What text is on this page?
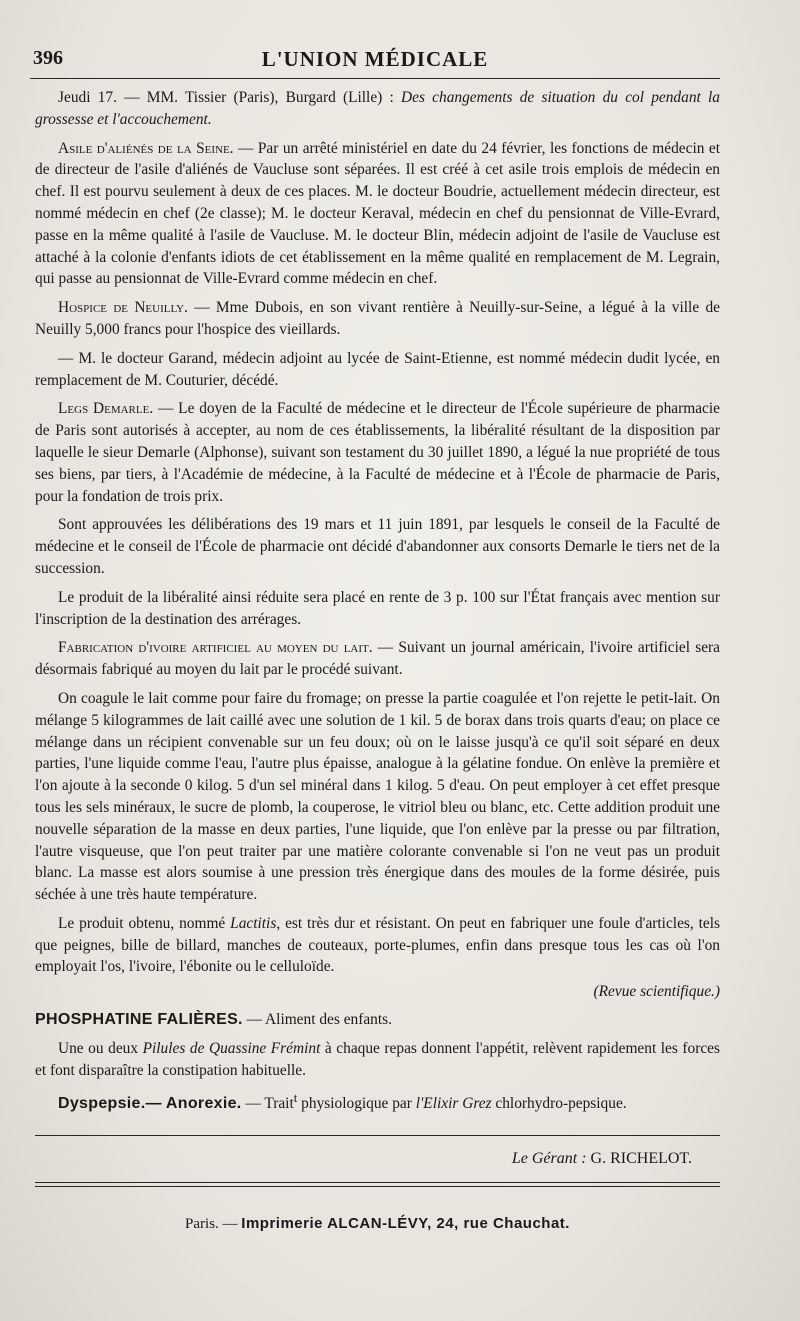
396	L'UNION MÉDICALE

Jeudi 17. — MM. Tissier (Paris), Burgard (Lille) : Des changements de situation du col pendant la grossesse et l'accouchement.

Asile d'aliénés de la Seine. — Par un arrêté ministériel en date du 24 février, les fonctions de médecin et de directeur de l'asile d'aliénés de Vaucluse sont séparées. Il est créé à cet asile trois emplois de médecin en chef. Il est pourvu seulement à deux de ces places. M. le docteur Boudrie, actuellement médecin directeur, est nommé médecin en chef (2e classe); M. le docteur Keraval, médecin en chef du pensionnat de Ville-Evrard, passe en la même qualité à l'asile de Vaucluse. M. le docteur Blin, médecin adjoint de l'asile de Vaucluse est attaché à la colonie d'enfants idiots de cet établissement en la même qualité en remplacement de M. Legrain, qui passe au pensionnat de Ville-Evrard comme médecin en chef.

Hospice de Neuilly. — Mme Dubois, en son vivant rentière à Neuilly-sur-Seine, a légué à la ville de Neuilly 5,000 francs pour l'hospice des vieillards.

— M. le docteur Garand, médecin adjoint au lycée de Saint-Etienne, est nommé médecin dudit lycée, en remplacement de M. Couturier, décédé.

Legs Demarle. — Le doyen de la Faculté de médecine et le directeur de l'École supérieure de pharmacie de Paris sont autorisés à accepter, au nom de ces établissements, la libéralité résultant de la disposition par laquelle le sieur Demarle (Alphonse), suivant son testament du 30 juillet 1890, a légué la nue propriété de tous ses biens, par tiers, à l'Académie de médecine, à la Faculté de médecine et à l'École de pharmacie de Paris, pour la fondation de trois prix.

Sont approuvées les délibérations des 19 mars et 11 juin 1891, par lesquels le conseil de la Faculté de médecine et le conseil de l'École de pharmacie ont décidé d'abandonner aux consorts Demarle le tiers net de la succession.

Le produit de la libéralité ainsi réduite sera placé en rente de 3 p. 100 sur l'État français avec mention sur l'inscription de la destination des arrérages.

Fabrication d'ivoire artificiel au moyen du lait. — Suivant un journal américain, l'ivoire artificiel sera désormais fabriqué au moyen du lait par le procédé suivant.

On coagule le lait comme pour faire du fromage; on presse la partie coagulée et l'on rejette le petit-lait. On mélange 5 kilogrammes de lait caillé avec une solution de 1 kil. 5 de borax dans trois quarts d'eau; on place ce mélange dans un récipient convenable sur un feu doux; où on le laisse jusqu'à ce qu'il soit séparé en deux parties, l'une liquide comme l'eau, l'autre plus épaisse, analogue à la gélatine fondue. On enlève la première et l'on ajoute à la seconde 0 kilog. 5 d'un sel minéral dans 1 kilog. 5 d'eau. On peut employer à cet effet presque tous les sels minéraux, le sucre de plomb, la couperose, le vitriol bleu ou blanc, etc. Cette addition produit une nouvelle séparation de la masse en deux parties, l'une liquide, que l'on enlève par la presse ou par filtration, l'autre visqueuse, que l'on peut traiter par une matière colorante convenable si l'on ne veut pas un produit blanc. La masse est alors soumise à une pression très énergique dans des moules de la forme désirée, puis séchée à une très haute température.

Le produit obtenu, nommé Lactitis, est très dur et résistant. On peut en fabriquer une foule d'articles, tels que peignes, bille de billard, manches de couteaux, porte-plumes, enfin dans presque tous les cas où l'on employait l'os, l'ivoire, l'ébonite ou le celluloïde.

(Revue scientifique.)

PHOSPHATINE FALIÈRES. — Aliment des enfants.

Une ou deux Pilules de Quassine Frémint à chaque repas donnent l'appétit, relèvent rapidement les forces et font disparaître la constipation habituelle.

Dyspepsie.— Anorexie. — Trait$^t$ physiologique par l'Elixir Grez chlorhydro-pepsique.

Le Gérant : G. RICHELOT.
Paris. — Imprimerie ALCAN-LÉVY, 24, rue Chauchat.
